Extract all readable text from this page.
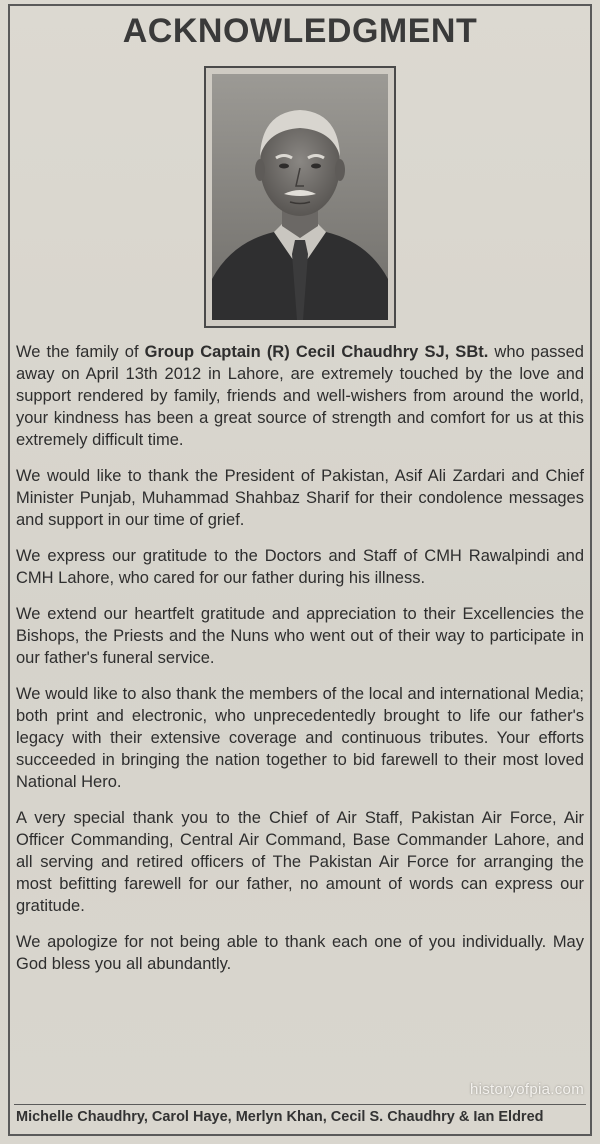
ACKNOWLEDGMENT

We the family of Group Captain (R) Cecil Chaudhry SJ, SBt. who passed away on April 13th 2012 in Lahore, are extremely touched by the love and support rendered by family, friends and well-wishers from around the world, your kindness has been a great source of strength and comfort for us at this extremely difficult time.

We would like to thank the President of Pakistan, Asif Ali Zardari and Chief Minister Punjab, Muhammad Shahbaz Sharif for their condolence messages and support in our time of grief.

We express our gratitude to the Doctors and Staff of CMH Rawalpindi and CMH Lahore, who cared for our father during his illness.

We extend our heartfelt gratitude and appreciation to their Excellencies the Bishops, the Priests and the Nuns who went out of their way to participate in our father's funeral service.

We would like to also thank the members of the local and international Media; both print and electronic, who unprecedentedly brought to life our father's legacy with their extensive coverage and continuous tributes. Your efforts succeeded in bringing the nation together to bid farewell to their most loved National Hero.

A very special thank you to the Chief of Air Staff, Pakistan Air Force, Air Officer Commanding, Central Air Command, Base Commander Lahore, and all serving and retired officers of The Pakistan Air Force for arranging the most befitting farewell for our father, no amount of words can express our gratitude.

We apologize for not being able to thank each one of you individually. May God bless you all abundantly.

historyofpia.com
Michelle Chaudhry, Carol Haye, Merlyn Khan, Cecil S. Chaudhry & Ian Eldred
